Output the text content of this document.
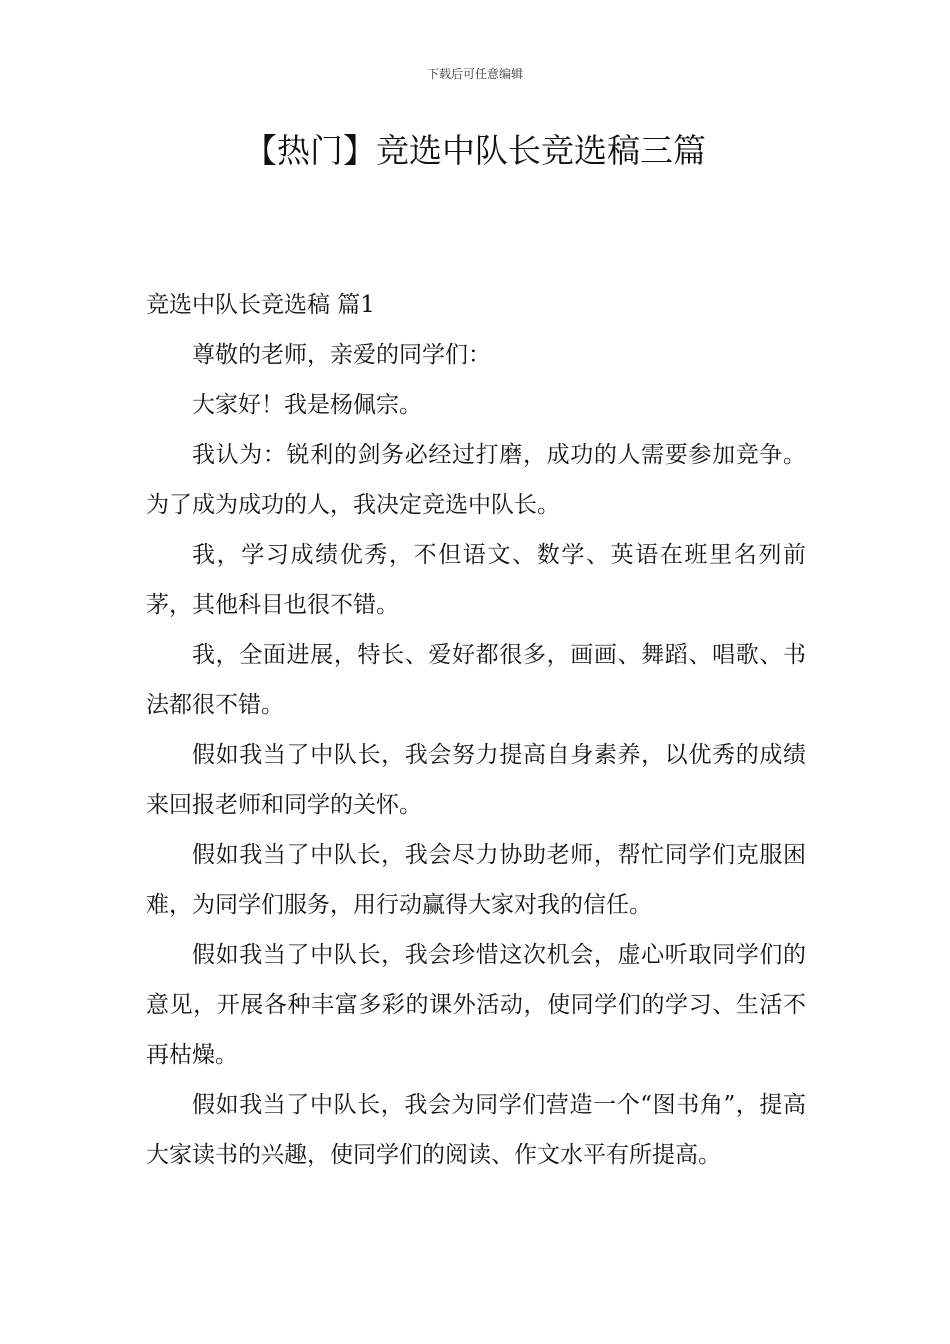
下载后可任意编辑
【热门】竞选中队长竞选稿三篇

竞选中队长竞选稿 篇1

尊敬的老师，亲爱的同学们：

大家好！我是杨佩宗。

我认为：锐利的剑务必经过打磨，成功的人需要参加竞争。为了成为成功的人，我决定竞选中队长。

我，学习成绩优秀，不但语文、数学、英语在班里名列前茅，其他科目也很不错。

我，全面进展，特长、爱好都很多，画画、舞蹈、唱歌、书法都很不错。

假如我当了中队长，我会努力提高自身素养，以优秀的成绩来回报老师和同学的关怀。

假如我当了中队长，我会尽力协助老师，帮忙同学们克服困难，为同学们服务，用行动赢得大家对我的信任。

假如我当了中队长，我会珍惜这次机会，虚心听取同学们的意见，开展各种丰富多彩的课外活动，使同学们的学习、生活不再枯燥。

假如我当了中队长，我会为同学们营造一个“图书角”，提高大家读书的兴趣，使同学们的阅读、作文水平有所提高。
